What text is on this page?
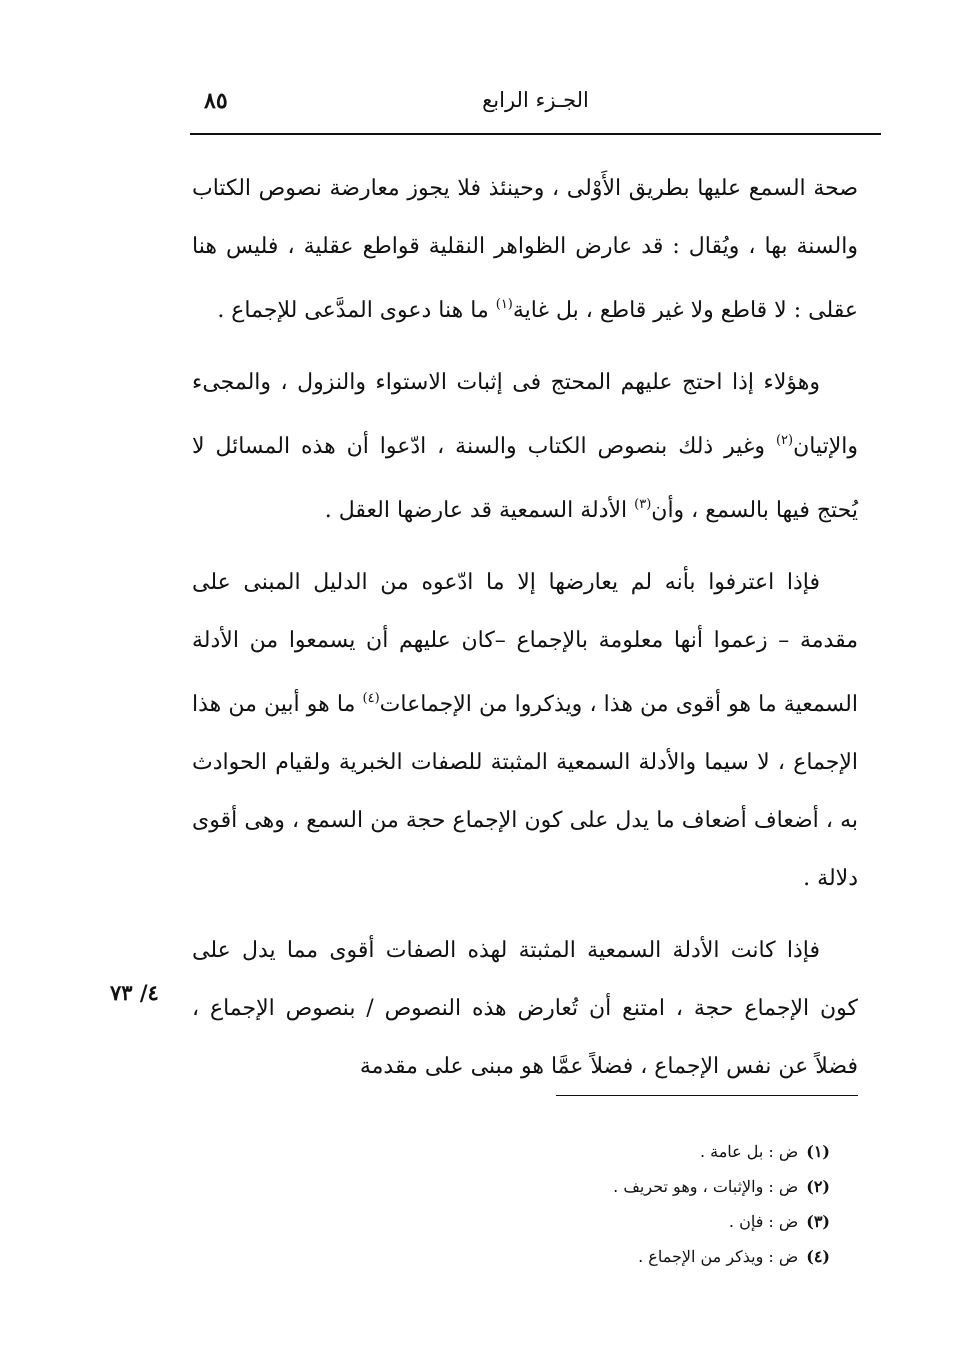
٨٥	الجـزء الرابع
٤/ ٧٣

صحة السمع عليها بطريق الأَوْلى ، وحينئذ فلا يجوز معارضة نصوص الكتاب والسنة بها ، ويُقال : قد عارض الظواهر النقلية قواطع عقلية ، فليس هنا عقلى : لا قاطع ولا غير قاطع ، بل غاية$^{(١)}$ ما هنا دعوى المدَّعى للإجماع .

وهؤلاء إذا احتج عليهم المحتج فى إثبات الاستواء والنزول ، والمجىء والإتيان$^{(٢)}$ وغير ذلك بنصوص الكتاب والسنة ، ادّعوا أن هذه المسائل لا يُحتج فيها بالسمع ، وأن$^{(٣)}$ الأدلة السمعية قد عارضها العقل .

فإذا اعترفوا بأنه لم يعارضها إلا ما ادّعوه من الدليل المبنى على مقدمة – زعموا أنها معلومة بالإجماع –كان عليهم أن يسمعوا من الأدلة السمعية ما هو أقوى من هذا ، ويذكروا من الإجماعات$^{(٤)}$ ما هو أبين من هذا الإجماع ، لا سيما والأدلة السمعية المثبتة للصفات الخبرية ولقيام الحوادث به ، أضعاف أضعاف ما يدل على كون الإجماع حجة من السمع ، وهى أقوى دلالة .

فإذا كانت الأدلة السمعية المثبتة لهذه الصفات أقوى مما يدل على كون الإجماع حجة ، امتنع أن تُعارض هذه النصوص / بنصوص الإجماع ، فضلاً عن نفس الإجماع ، فضلاً عمَّا هو مبنى على مقدمة

(١)ض : بل عامة .
(٢)ض : والإثبات ، وهو تحريف .
(٣)ض : فإن .
(٤)ض : ويذكر من الإجماع .
